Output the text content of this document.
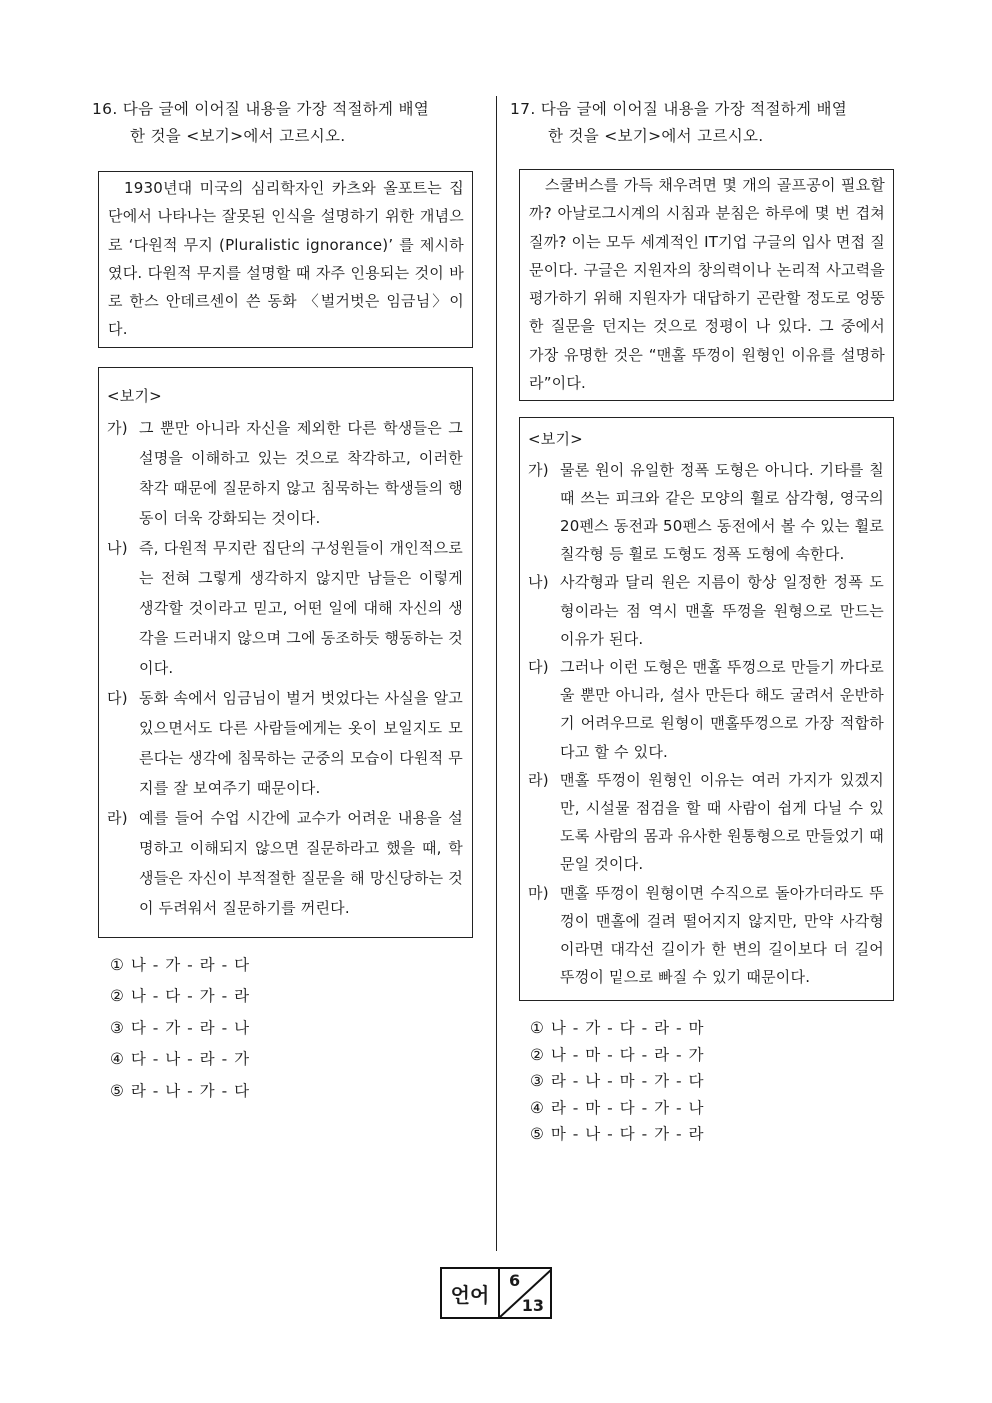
16. 다음 글에 이어질 내용을 가장 적절하게 배열
한 것을 <보기>에서 고르시오.

1930년대 미국의 심리학자인 카츠와 올포트는 집단에서 나타나는 잘못된 인식을 설명하기 위한 개념으로 ‘다원적 무지 (Pluralistic ignorance)’ 를 제시하였다. 다원적 무지를 설명할 때 자주 인용되는 것이 바로 한스 안데르센이 쓴 동화 〈벌거벗은 임금님〉이다.

<보기>
가) 그 뿐만 아니라 자신을 제외한 다른 학생들은 그 설명을 이해하고 있는 것으로 착각하고, 이러한 착각 때문에 질문하지 않고 침묵하는 학생들의 행동이 더욱 강화되는 것이다.
나) 즉, 다원적 무지란 집단의 구성원들이 개인적으로는 전혀 그렇게 생각하지 않지만 남들은 이렇게 생각할 것이라고 믿고, 어떤 일에 대해 자신의 생각을 드러내지 않으며 그에 동조하듯 행동하는 것이다.
다) 동화 속에서 임금님이 벌거 벗었다는 사실을 알고 있으면서도 다른 사람들에게는 옷이 보일지도 모른다는 생각에 침묵하는 군중의 모습이 다원적 무지를 잘 보여주기 때문이다.
라) 예를 들어 수업 시간에 교수가 어려운 내용을 설명하고 이해되지 않으면 질문하라고 했을 때, 학생들은 자신이 부적절한 질문을 해 망신당하는 것이 두려워서 질문하기를 꺼린다.
① 나 - 가 - 라 - 다
② 나 - 다 - 가 - 라
③ 다 - 가 - 라 - 나
④ 다 - 나 - 라 - 가
⑤ 라 - 나 - 가 - 다
17. 다음 글에 이어질 내용을 가장 적절하게 배열
한 것을 <보기>에서 고르시오.

스쿨버스를 가득 채우려면 몇 개의 골프공이 필요할까? 아날로그시계의 시침과 분침은 하루에 몇 번 겹쳐질까? 이는 모두 세계적인 IT기업 구글의 입사 면접 질문이다. 구글은 지원자의 창의력이나 논리적 사고력을 평가하기 위해 지원자가 대답하기 곤란할 정도로 엉뚱한 질문을 던지는 것으로 정평이 나 있다. 그 중에서 가장 유명한 것은 “맨홀 뚜껑이 원형인 이유를 설명하라”이다.

<보기>
가) 물론 원이 유일한 정폭 도형은 아니다. 기타를 칠 때 쓰는 피크와 같은 모양의 휠로 삼각형, 영국의 20펜스 동전과 50펜스 동전에서 볼 수 있는 휠로 칠각형 등 휠로 도형도 정폭 도형에 속한다.
나) 사각형과 달리 원은 지름이 항상 일정한 정폭 도형이라는 점 역시 맨홀 뚜껑을 원형으로 만드는 이유가 된다.
다) 그러나 이런 도형은 맨홀 뚜껑으로 만들기 까다로울 뿐만 아니라, 설사 만든다 해도 굴려서 운반하기 어려우므로 원형이 맨홀뚜껑으로 가장 적합하다고 할 수 있다.
라) 맨홀 뚜껑이 원형인 이유는 여러 가지가 있겠지만, 시설물 점검을 할 때 사람이 쉽게 다닐 수 있도록 사람의 몸과 유사한 원통형으로 만들었기 때문일 것이다.
마) 맨홀 뚜껑이 원형이면 수직으로 돌아가더라도 뚜껑이 맨홀에 걸려 떨어지지 않지만, 만약 사각형이라면 대각선 길이가 한 변의 길이보다 더 길어 뚜껑이 밑으로 빠질 수 있기 때문이다.
① 나 - 가 - 다 - 라 - 마
② 나 - 마 - 다 - 라 - 가
③ 라 - 나 - 마 - 가 - 다
④ 라 - 마 - 다 - 가 - 나
⑤ 마 - 나 - 다 - 가 - 라
언어
6
13
